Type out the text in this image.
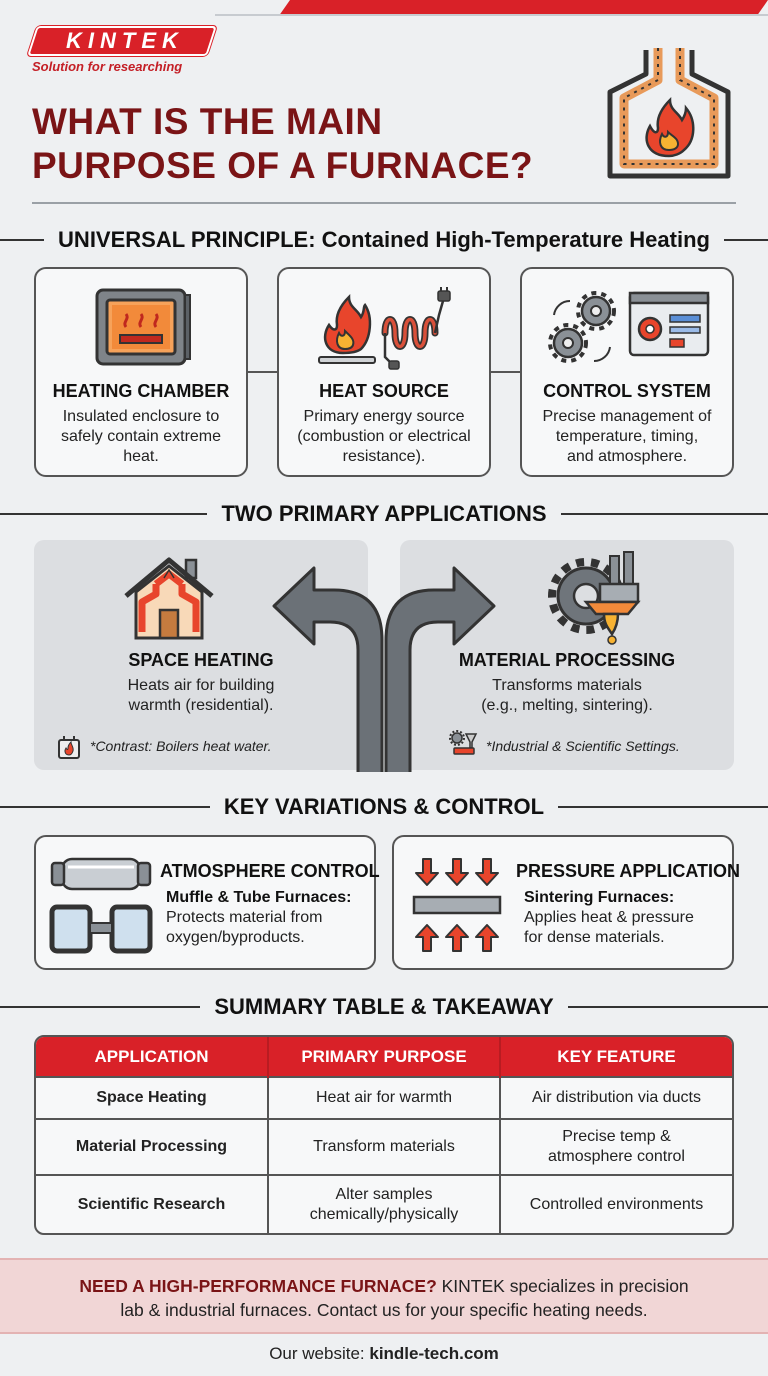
KINTEK
Solution for researching
WHAT IS THE MAIN
PURPOSE OF A FURNACE?
UNIVERSAL PRINCIPLE: Contained High-Temperature Heating
HEATING CHAMBER
Insulated enclosure to
safely contain extreme
heat.
HEAT SOURCE
Primary energy source
(combustion or electrical
resistance).
CONTROL SYSTEM
Precise management of
temperature, timing,
and atmosphere.
TWO PRIMARY APPLICATIONS
SPACE HEATING
Heats air for building
warmth (residential).
*Contrast: Boilers heat water.
MATERIAL PROCESSING
Transforms materials
(e.g., melting, sintering).
*Industrial & Scientific Settings.
KEY VARIATIONS & CONTROL
ATMOSPHERE CONTROL
Muffle & Tube Furnaces:
Protects material from
oxygen/byproducts.
PRESSURE APPLICATION
Sintering Furnaces:
Applies heat & pressure
for dense materials.
SUMMARY TABLE & TAKEAWAY
APPLICATION	PRIMARY PURPOSE	KEY FEATURE
Space Heating	Heat air for warmth	Air distribution via ducts

Material Processing	Transform materials	Precise temp &
atmosphere control

Scientific Research	Alter samples
chemically/physically	Controlled environments
NEED A HIGH-PERFORMANCE FURNACE? KINTEK specializes in precision
lab & industrial furnaces. Contact us for your specific heating needs.
Our website: kindle-tech.com
